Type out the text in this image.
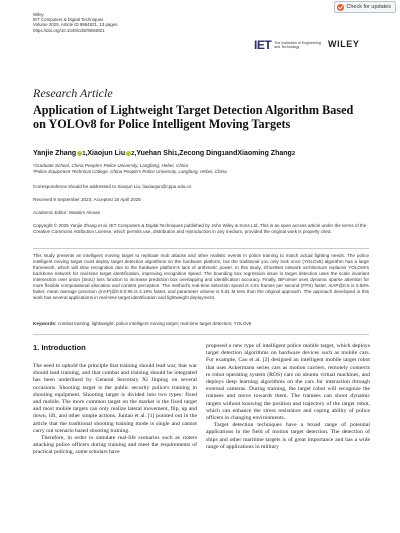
Check for updates
Wiley
IET Computers & Digital Techniques
Volume 2025, Article ID 9984821, 13 pages
https://doi.org/10.1049/cdt2/9984821
IET The Institution of Engineering and Technology	WILEY
Research Article
Application of Lightweight Target Detection Algorithm Based on YOLOv8 for Police Intelligent Moving Targets
Yanjie Zhang 1 , Xiaojun Liu 2 , Yuehan Shi 1 , Zecong Ding 1 and Xiaoming Zhang 2
¹Graduate School, China People's Police University, Langfang, Hebei, China
²Police Equipment Technical College, China People's Police University, Langfang, Hebei, China
Correspondence should be addressed to Xiaojun Liu; liuxiaojun@cppu.edu.cn
Received 9 September 2024; Accepted 18 April 2025
Academic Editor: Wassim Alexan
Copyright © 2025 Yanjie Zhang et al. IET Computers & Digital Techniques published by John Wiley & Sons Ltd. This is an open access article under the terms of the Creative Commons Attribution License, which permits use, distribution and reproduction in any medium, provided the original work is properly cited.
This study presents an intelligent moving target to replicate mob attacks and other realistic events in police training to match actual fighting needs. The police intelligent moving target must deploy target detection algorithms on the hardware platform, but the traditional you only look once (YOLOv8) algorithm has a large framework, which will slow recognition due to the hardware platform's lack of arithmetic power. In this study, GhostNet network architecture replaces YOLOv8's backbone network for real-time target identification, improving recognition speed. The bounding box regression issue in target detection uses the scale invariant intersection over union (SIoU) loss function to increase prediction box overlapping and identification accuracy. Finally, BiFormer uses dynamic sparse attention for more flexible computational allocation and content perception. The method's real-time detection speed is 4.81 frames per second (FPS) faster, mAP@0.5 is 5.58% faster, mean average precision (mAP)@0.5:0.95 is 4.19% faster, and parameter volume is 5.81 M less than the original approach. The approach developed in this work has several applications in real-time target identification and lightweight deployment.
Keywords: combat training; lightweight; police intelligent moving target; real-time target detection; YOLOv8
1. Introduction

The need to uphold the principle that training should lead war, that war should lead training, and that combat and training should be integrated has been underlined by General Secretary Xi Jinping on several occasions. Shooting target is the public security police's training in shooting equipment. Shooting target is divided into two types: fixed and mobile. The more common target on the market is the fixed target and most mobile targets can only realize lateral movement, flip, up and down, lift, and other simple actions. Juntao et al. [1] pointed out in the article that the traditional shooting training mode is single and cannot carry out scenario based shooting training.

Therefore, in order to simulate real-life scenarios such as rioters attacking police officers during training and meet the requirements of practical policing, some scholars have

proposed a new type of intelligent police mobile target, which deploys target detection algorithms on hardware devices such as mobile cars. For example, Cao et al. [2] designed an intelligent mobile target robot that uses Ackermann series cars as motion carriers, remotely connects to robot operating system (ROS) cars on ubuntu virtual machines, and deploys deep learning algorithms on the cars for interaction through external cameras. During training, the target robot will recognize the trainees and move towards them. The trainees can shoot dynamic targets without knowing the position and trajectory of the target robot, which can enhance the stress resistance and coping ability of police officers in changing environments.

Target detection techniques have a broad range of potential applications in the field of motion target detection. The detection of ships and other maritime targets is of great importance and has a wide range of applications in military
